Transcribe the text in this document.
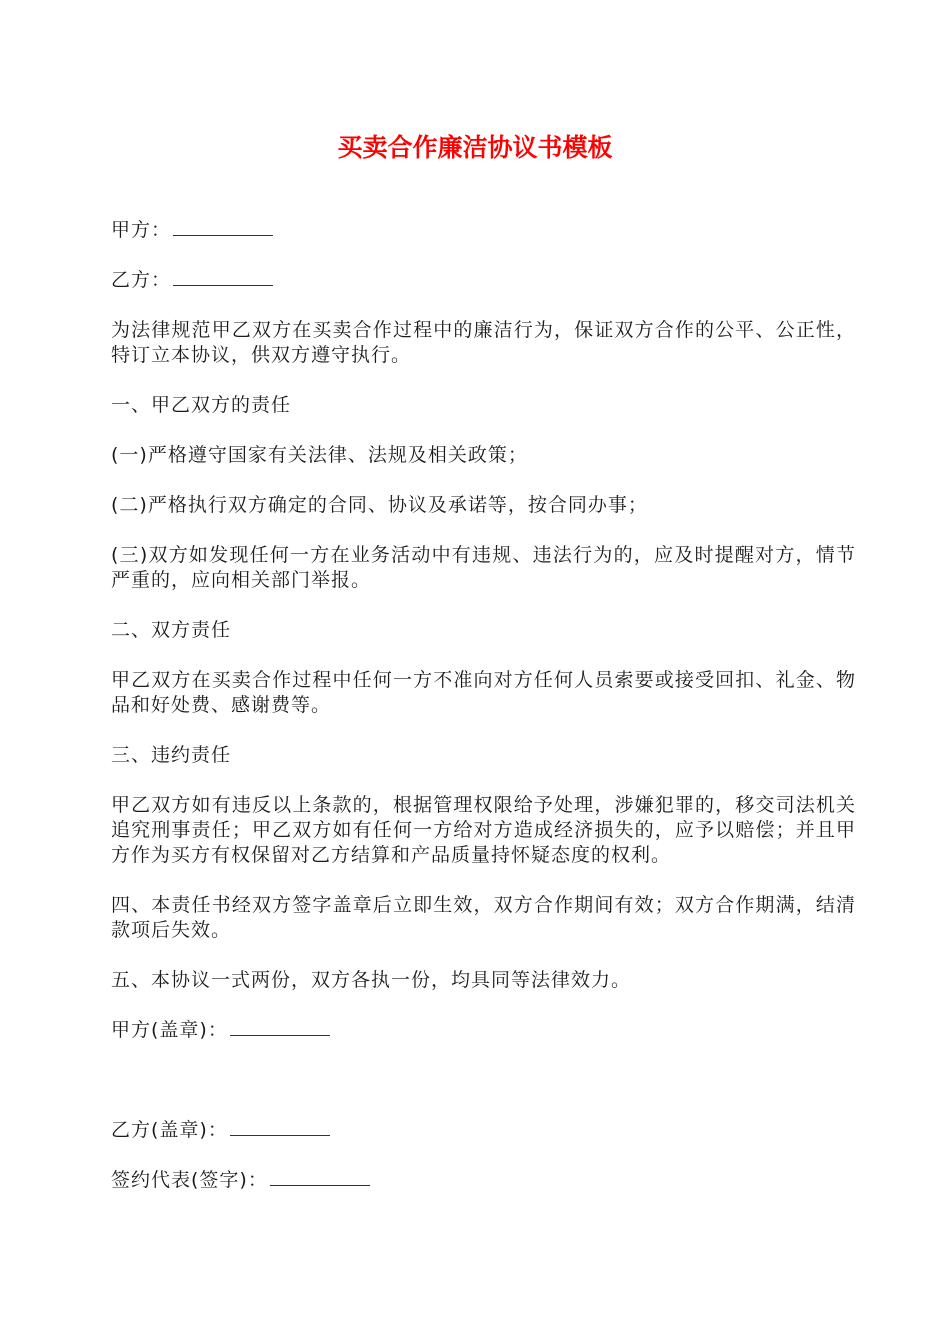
买卖合作廉洁协议书模板

甲方：

乙方：

为法律规范甲乙双方在买卖合作过程中的廉洁行为，保证双方合作的公平、公正性，特订立本协议，供双方遵守执行。

一、甲乙双方的责任

(一)严格遵守国家有关法律、法规及相关政策；

(二)严格执行双方确定的合同、协议及承诺等，按合同办事；

(三)双方如发现任何一方在业务活动中有违规、违法行为的，应及时提醒对方，情节严重的，应向相关部门举报。

二、双方责任

甲乙双方在买卖合作过程中任何一方不准向对方任何人员索要或接受回扣、礼金、物品和好处费、感谢费等。

三、违约责任

甲乙双方如有违反以上条款的，根据管理权限给予处理，涉嫌犯罪的，移交司法机关追究刑事责任；甲乙双方如有任何一方给对方造成经济损失的，应予以赔偿；并且甲方作为买方有权保留对乙方结算和产品质量持怀疑态度的权利。

四、本责任书经双方签字盖章后立即生效，双方合作期间有效；双方合作期满，结清款项后失效。

五、本协议一式两份，双方各执一份，均具同等法律效力。

甲方(盖章)：

乙方(盖章)：

签约代表(签字)：
